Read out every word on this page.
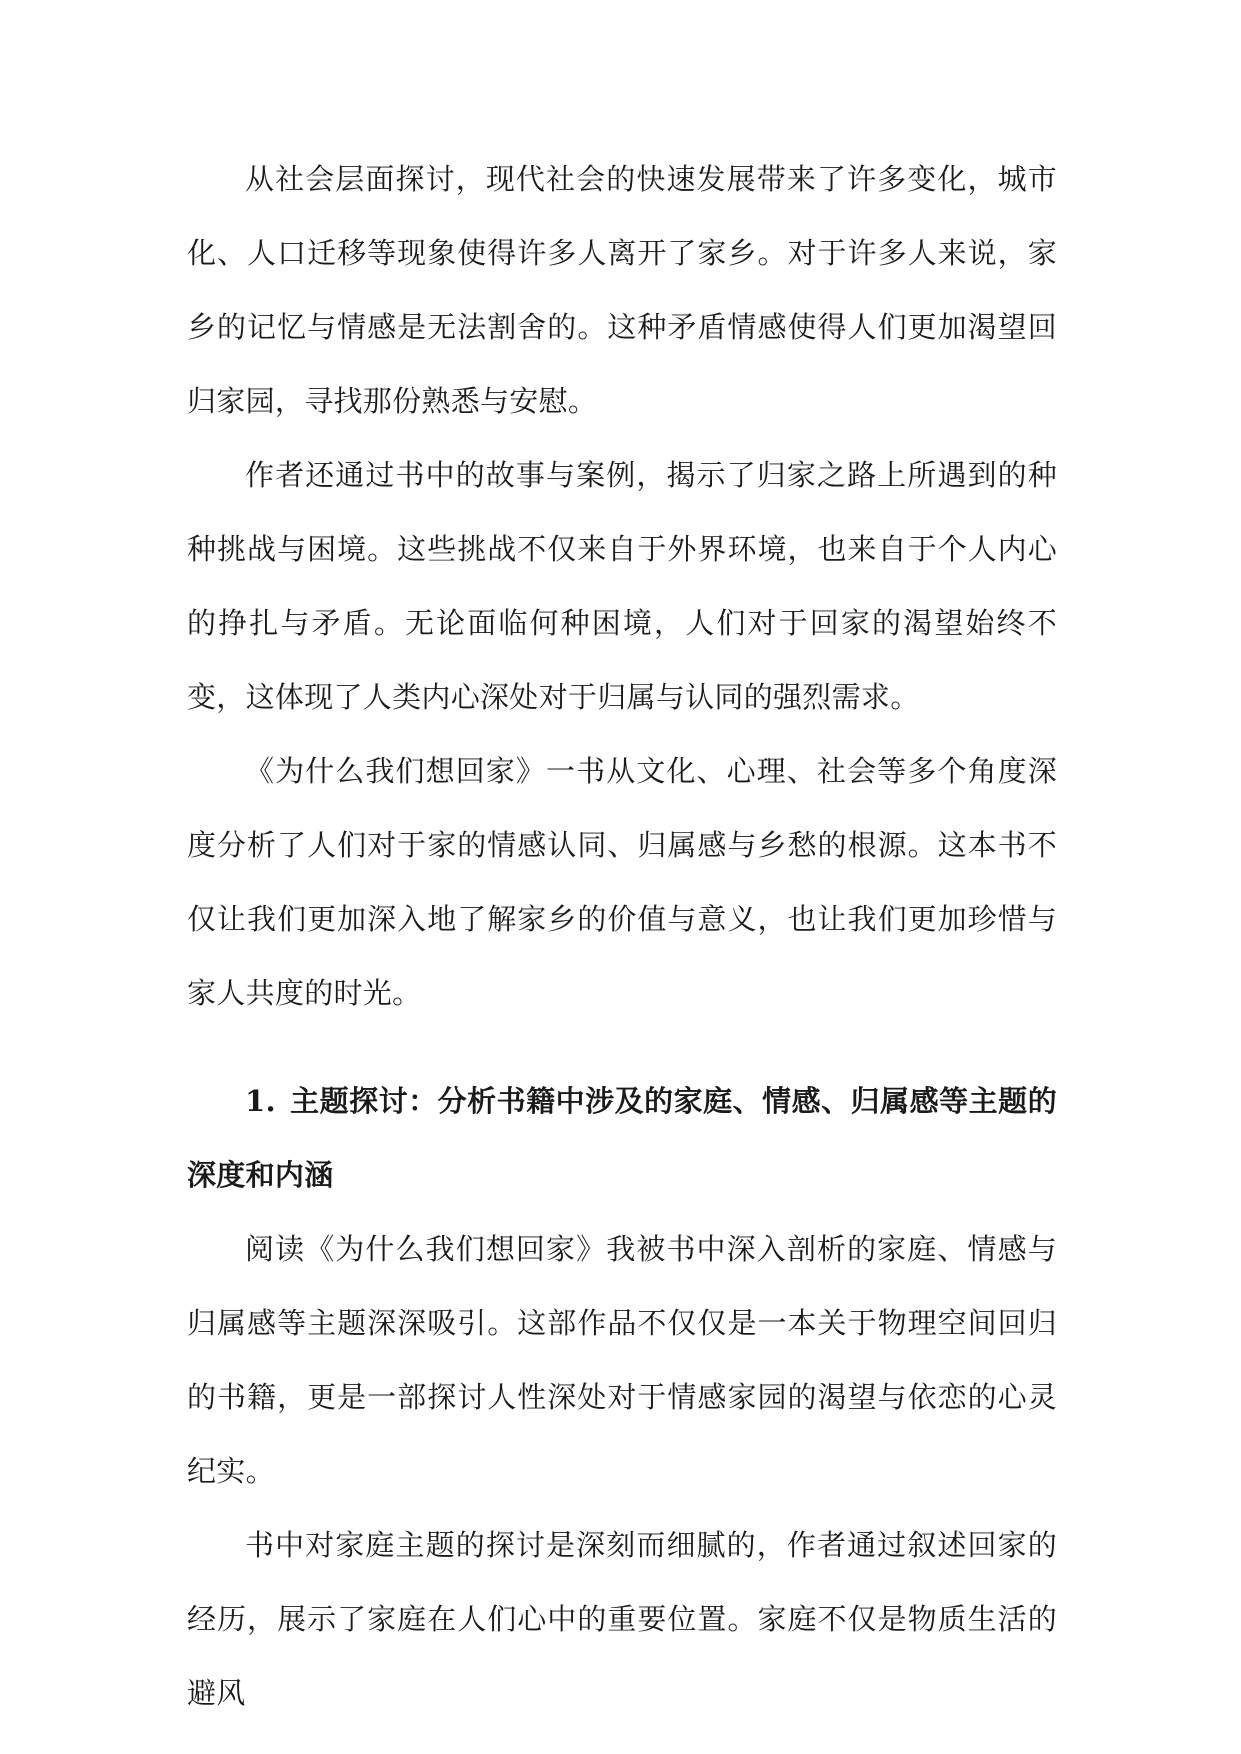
从社会层面探讨，现代社会的快速发展带来了许多变化，城市化、人口迁移等现象使得许多人离开了家乡。对于许多人来说，家乡的记忆与情感是无法割舍的。这种矛盾情感使得人们更加渴望回归家园，寻找那份熟悉与安慰。

作者还通过书中的故事与案例，揭示了归家之路上所遇到的种种挑战与困境。这些挑战不仅来自于外界环境，也来自于个人内心的挣扎与矛盾。无论面临何种困境，人们对于回家的渴望始终不变，这体现了人类内心深处对于归属与认同的强烈需求。

《为什么我们想回家》一书从文化、心理、社会等多个角度深度分析了人们对于家的情感认同、归属感与乡愁的根源。这本书不仅让我们更加深入地了解家乡的价值与意义，也让我们更加珍惜与家人共度的时光。

1. 主题探讨：分析书籍中涉及的家庭、情感、归属感等主题的深度和内涵

阅读《为什么我们想回家》我被书中深入剖析的家庭、情感与归属感等主题深深吸引。这部作品不仅仅是一本关于物理空间回归的书籍，更是一部探讨人性深处对于情感家园的渴望与依恋的心灵纪实。

书中对家庭主题的探讨是深刻而细腻的，作者通过叙述回家的经历，展示了家庭在人们心中的重要位置。家庭不仅是物质生活的避风
